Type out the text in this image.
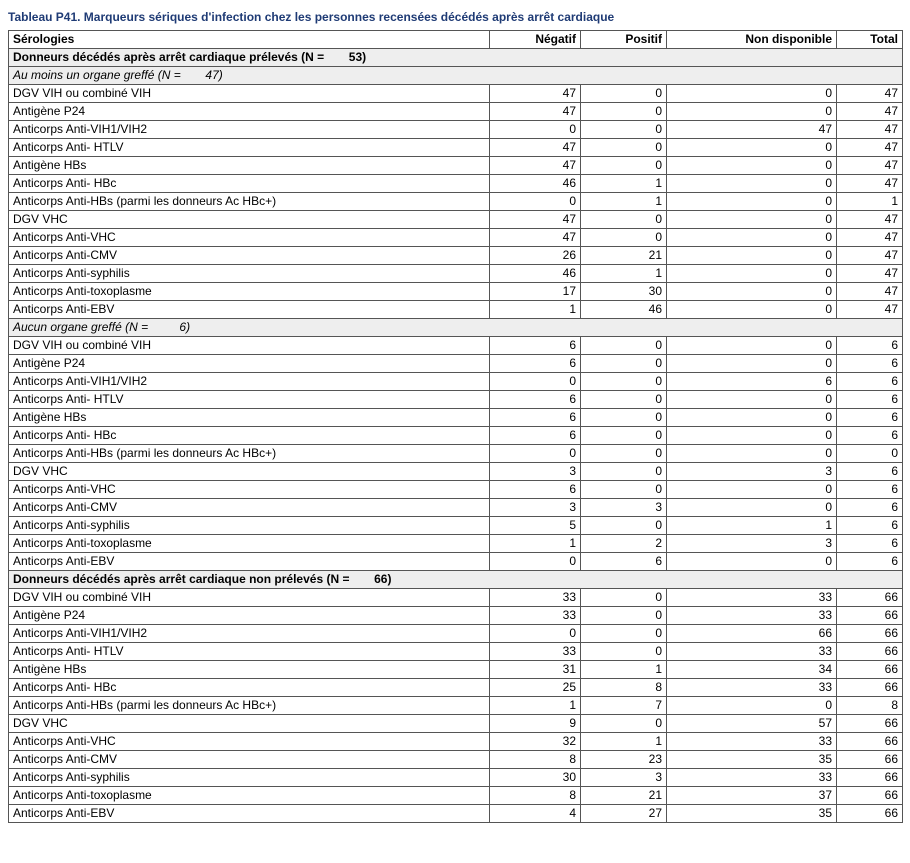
Tableau P41. Marqueurs sériques d'infection chez les personnes recensées décédés après arrêt cardiaque
Sérologies	Négatif	Positif	Non disponible	Total
Donneurs décédés après arrêt cardiaque prélevés (N = 53)				
Au moins un organe greffé (N = 47)				
DGV VIH ou combiné VIH	47	0	0	47
Antigène P24	47	0	0	47
Anticorps Anti-VIH1/VIH2	0	0	47	47
Anticorps Anti- HTLV	47	0	0	47
Antigène HBs	47	0	0	47
Anticorps Anti- HBc	46	1	0	47
Anticorps Anti-HBs (parmi les donneurs Ac HBc+)	0	1	0	1
DGV VHC	47	0	0	47
Anticorps Anti-VHC	47	0	0	47
Anticorps Anti-CMV	26	21	0	47
Anticorps Anti-syphilis	46	1	0	47
Anticorps Anti-toxoplasme	17	30	0	47
Anticorps Anti-EBV	1	46	0	47
Aucun organe greffé (N = 6)				
DGV VIH ou combiné VIH	6	0	0	6
Antigène P24	6	0	0	6
Anticorps Anti-VIH1/VIH2	0	0	6	6
Anticorps Anti- HTLV	6	0	0	6
Antigène HBs	6	0	0	6
Anticorps Anti- HBc	6	0	0	6
Anticorps Anti-HBs (parmi les donneurs Ac HBc+)	0	0	0	0
DGV VHC	3	0	3	6
Anticorps Anti-VHC	6	0	0	6
Anticorps Anti-CMV	3	3	0	6
Anticorps Anti-syphilis	5	0	1	6
Anticorps Anti-toxoplasme	1	2	3	6
Anticorps Anti-EBV	0	6	0	6
Donneurs décédés après arrêt cardiaque non prélevés (N = 66)				
DGV VIH ou combiné VIH	33	0	33	66
Antigène P24	33	0	33	66
Anticorps Anti-VIH1/VIH2	0	0	66	66
Anticorps Anti- HTLV	33	0	33	66
Antigène HBs	31	1	34	66
Anticorps Anti- HBc	25	8	33	66
Anticorps Anti-HBs (parmi les donneurs Ac HBc+)	1	7	0	8
DGV VHC	9	0	57	66
Anticorps Anti-VHC	32	1	33	66
Anticorps Anti-CMV	8	23	35	66
Anticorps Anti-syphilis	30	3	33	66
Anticorps Anti-toxoplasme	8	21	37	66
Anticorps Anti-EBV	4	27	35	66
